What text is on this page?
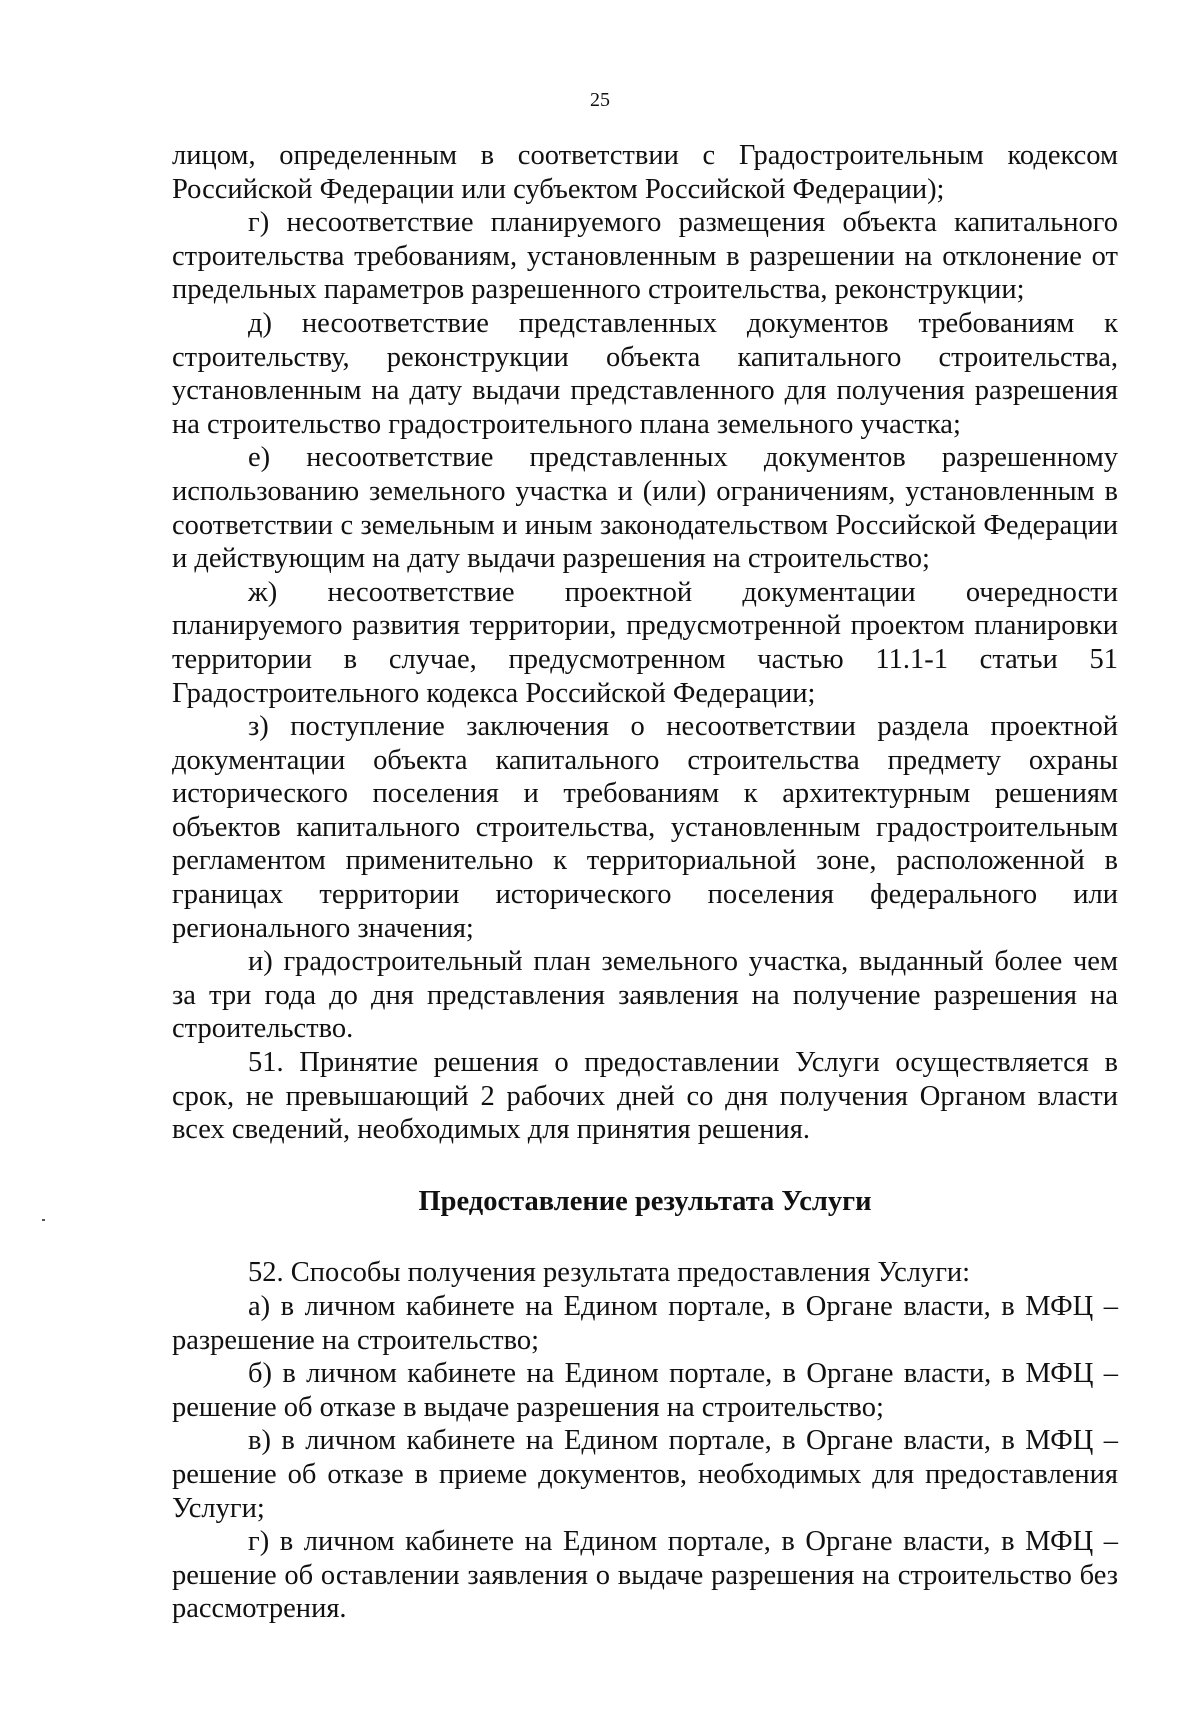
25

лицом, определенным в соответствии с Градостроительным кодексом Российской Федерации или субъектом Российской Федерации);

г) несоответствие планируемого размещения объекта капитального строительства требованиям, установленным в разрешении на отклонение от предельных параметров разрешенного строительства, реконструкции;

д) несоответствие представленных документов требованиям к строительству, реконструкции объекта капитального строительства, установленным на дату выдачи представленного для получения разрешения на строительство градостроительного плана земельного участка;

е) несоответствие представленных документов разрешенному использованию земельного участка и (или) ограничениям, установленным в соответствии с земельным и иным законодательством Российской Федерации и действующим на дату выдачи разрешения на строительство;

ж) несоответствие проектной документации очередности планируемого развития территории, предусмотренной проектом планировки территории в случае, предусмотренном частью 11.1-1 статьи 51 Градостроительного кодекса Российской Федерации;

з) поступление заключения о несоответствии раздела проектной документации объекта капитального строительства предмету охраны исторического поселения и требованиям к архитектурным решениям объектов капитального строительства, установленным градостроительным регламентом применительно к территориальной зоне, расположенной в границах территории исторического поселения федерального или регионального значения;

и) градостроительный план земельного участка, выданный более чем за три года до дня представления заявления на получение разрешения на строительство.

51. Принятие решения о предоставлении Услуги осуществляется в срок, не превышающий 2 рабочих дней со дня получения Органом власти всех сведений, необходимых для принятия решения.

Предоставление результата Услуги

52. Способы получения результата предоставления Услуги:

а) в личном кабинете на Едином портале, в Органе власти, в МФЦ – разрешение на строительство;

б) в личном кабинете на Едином портале, в Органе власти, в МФЦ – решение об отказе в выдаче разрешения на строительство;

в) в личном кабинете на Едином портале, в Органе власти, в МФЦ – решение об отказе в приеме документов, необходимых для предоставления Услуги;

г) в личном кабинете на Едином портале, в Органе власти, в МФЦ – решение об оставлении заявления о выдаче разрешения на строительство без рассмотрения.
